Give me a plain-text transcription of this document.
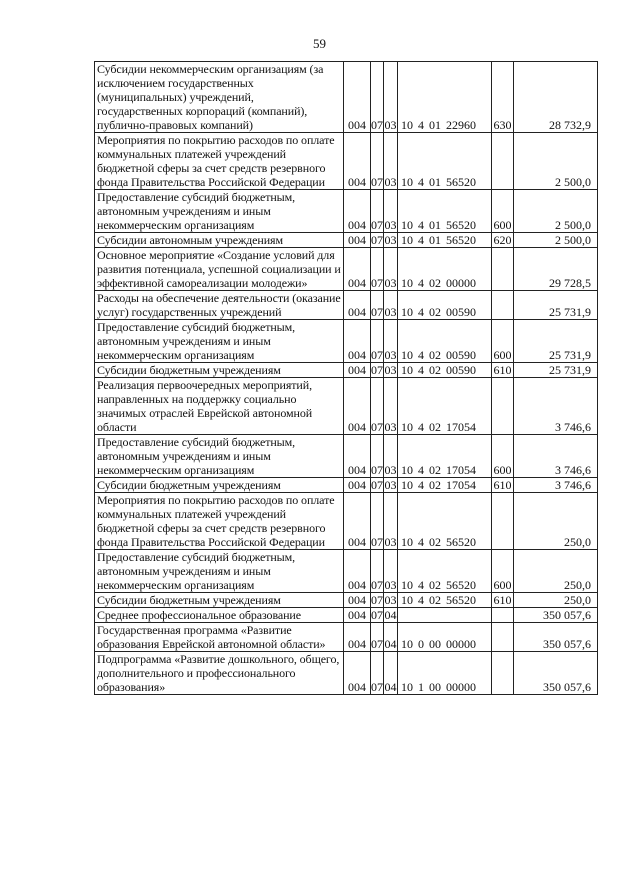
59
Субсидии некоммерческим организациям (за исключением государственных (муниципальных) учреждений, государственных корпораций (компаний), публично-правовых компаний)	004	07	03	10 4 01 22960	630	28 732,9
Мероприятия по покрытию расходов по оплате коммунальных платежей учреждений бюджетной сферы за счет средств резервного фонда Правительства Российской Федерации	004	07	03	10 4 01 56520		2 500,0
Предоставление субсидий бюджетным, автономным учреждениям и иным некоммерческим организациям	004	07	03	10 4 01 56520	600	2 500,0
Субсидии автономным учреждениям	004	07	03	10 4 01 56520	620	2 500,0
Основное мероприятие «Создание условий для развития потенциала, успешной социализации и эффективной самореализации молодежи»	004	07	03	10 4 02 00000		29 728,5
Расходы на обеспечение деятельности (оказание услуг) государственных учреждений	004	07	03	10 4 02 00590		25 731,9
Предоставление субсидий бюджетным, автономным учреждениям и иным некоммерческим организациям	004	07	03	10 4 02 00590	600	25 731,9
Субсидии бюджетным учреждениям	004	07	03	10 4 02 00590	610	25 731,9
Реализация первоочередных мероприятий, направленных на поддержку социально значимых отраслей Еврейской автономной области	004	07	03	10 4 02 17054		3 746,6
Предоставление субсидий бюджетным, автономным учреждениям и иным некоммерческим организациям	004	07	03	10 4 02 17054	600	3 746,6
Субсидии бюджетным учреждениям	004	07	03	10 4 02 17054	610	3 746,6
Мероприятия по покрытию расходов по оплате коммунальных платежей учреждений бюджетной сферы за счет средств резервного фонда Правительства Российской Федерации	004	07	03	10 4 02 56520		250,0
Предоставление субсидий бюджетным, автономным учреждениям и иным некоммерческим организациям	004	07	03	10 4 02 56520	600	250,0
Субсидии бюджетным учреждениям	004	07	03	10 4 02 56520	610	250,0
Среднее профессиональное образование	004	07	04			350 057,6
Государственная программа «Развитие образования Еврейской автономной области»	004	07	04	10 0 00 00000		350 057,6
Подпрограмма «Развитие дошкольного, общего, дополнительного и профессионального образования»	004	07	04	10 1 00 00000		350 057,6
